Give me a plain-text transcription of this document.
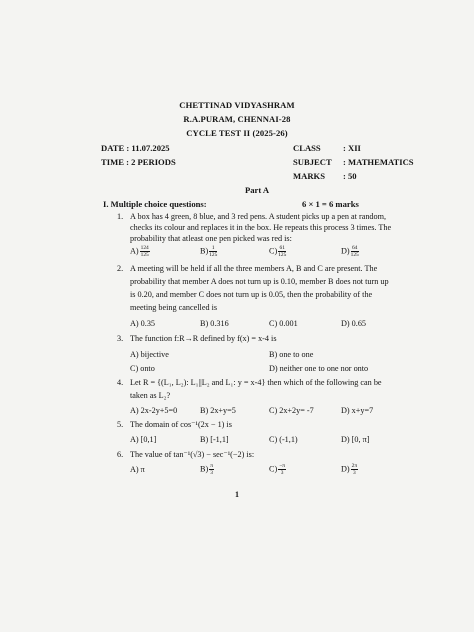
CHETTINAD VIDYASHRAM
R.A.PURAM, CHENNAI-28
CYCLE TEST II (2025-26)
DATE : 11.07.2025
TIME : 2 PERIODS
CLASS	: XII
SUBJECT : MATHEMATICS
MARKS : 50
Part A
I. Multiple choice questions:	6 × 1 = 6 marks
1. A box has 4 green, 8 blue, and 3 red pens. A student picks up a pen at random,
checks its colour and replaces it in the box. He repeats this process 3 times. The
probability that atleast one pen picked was red is:
$A) \frac{124}{125}$	$B) \frac{1}{125}$	$C) \frac{61}{125}$	$D) \frac{64}{125}$
2. A meeting will be held if all the three members A, B and C are present. The
probability that member A does not turn up is 0.10, member B does not turn up
is 0.20, and member C does not turn up is 0.05, then the probability of the
meeting being cancelled is
A) 0.35	B) 0.316	C) 0.001	D) 0.65
3. The function f:R→R defined by f(x) = x-4 is
A) bijective	B) one to one
C) onto	D) neither one to one nor onto
4. Let R = {(L₁, L₂): L₁||L₂ and L₁: y = x-4} then which of the following can be
taken as L₂?
A) 2x-2y+5=0	B) 2x+y=5	C) 2x+2y= -7	D) x+y=7
5. The domain of cos⁻¹(2x − 1) is
A) [0,1]	B) [-1,1]	C) (-1,1)	D) [0, π]
6. The value of tan⁻¹(√3) − sec⁻¹(−2) is:
A) π	$B) \frac{\pi}{3}$	$C) \frac{-\pi}{3}$	$D) \frac{2\pi}{3}$
1
